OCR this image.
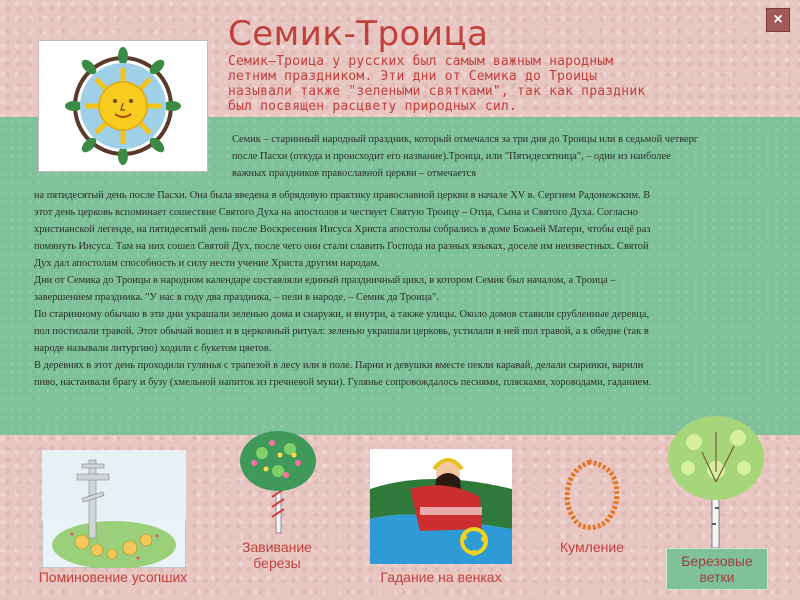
×
Семик-Троица
Семик–Троица у русских был самым важным народным
летним праздником. Эти дни от Семика до Троицы
называли также "зелеными святками", так как праздник
был посвящен расцвету природных сил.

Семик – старинный народный праздник, который отмечался за три дня до Троицы или в седьмой четверг

после Пасхи (откуда и происходит его название).Троица, или "Пятидесятница", – один из наиболее

важных праздников православной церкви – отмечается

на пятидесятый день после Пасхи. Она была введена в обрядовую практику православной церкви в начале XV в. Сергием Радонежским. В

этот день церковь вспоминает сошествие Святого Духа на апостолов и чествует Святую Троицу – Отца, Сына и Святого Духа. Согласно

христианской легенде, на пятидесятый день после Воскресения Иисуса Христа апостолы собрались в доме Божьей Матери, чтобы ещё раз

помянуть Иисуса. Там на них сошел Святой Дух, после чего они стали славить Господа на разных языках, доселе им неизвестных. Святой

Дух дал апостолам способность и силу нести учение Христа другим народам.

Дни от Семика до Троицы в народном календаре составляли единый праздничный цикл, в котором Семик был началом, а Троица –

завершением праздника. "У нас в году два праздника, – пели в народе, – Семик да Троица".

По старинному обычаю в эти дни украшали зеленью дома и снаружи, и внутри, а также улицы. Около домов ставили срубленные деревца,

пол постилали травой. Этот обычай вошел и в церковный ритуал: зеленью украшали церковь, устилали в ней пол травой, а к обедне (так в

народе называли литургию) ходили с букетом цветов.

В деревнях в этот день проходили гулянья с трапезой в лесу или в поле. Парни и девушки вместе пекли каравай, делали сырники, варили

пиво, настаивали брагу и бузу (хмельной напиток из гречневой муки). Гулянье сопровождалось песнями, плясками, хороводами, гаданием.

Поминовение усопших
Завивание
березы
Гадание на венках
Кумление
Березовые
ветки
